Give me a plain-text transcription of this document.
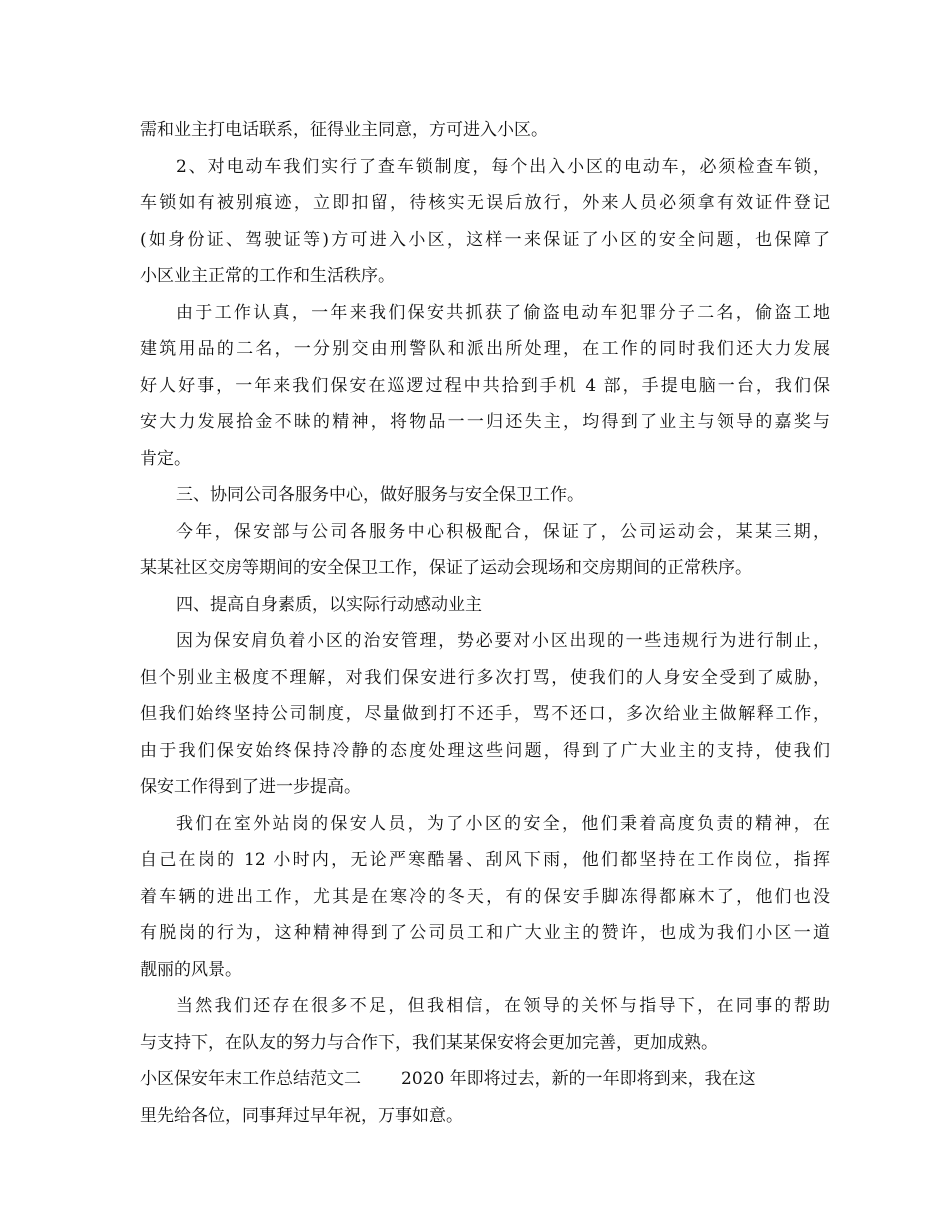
需和业主打电话联系，征得业主同意，方可进入小区。
2、对电动车我们实行了查车锁制度，每个出入小区的电动车，必须检查车锁，
车锁如有被别痕迹，立即扣留，待核实无误后放行，外来人员必须拿有效证件登记
(如身份证、驾驶证等)方可进入小区，这样一来保证了小区的安全问题，也保障了
小区业主正常的工作和生活秩序。
由于工作认真，一年来我们保安共抓获了偷盗电动车犯罪分子二名，偷盗工地
建筑用品的二名，一分别交由刑警队和派出所处理，在工作的同时我们还大力发展
好人好事，一年来我们保安在巡逻过程中共拾到手机 4 部，手提电脑一台，我们保
安大力发展拾金不昧的精神，将物品一一归还失主，均得到了业主与领导的嘉奖与
肯定。
三、协同公司各服务中心，做好服务与安全保卫工作。
今年，保安部与公司各服务中心积极配合，保证了，公司运动会，某某三期，
某某社区交房等期间的安全保卫工作，保证了运动会现场和交房期间的正常秩序。
四、提高自身素质，以实际行动感动业主
因为保安肩负着小区的治安管理，势必要对小区出现的一些违规行为进行制止，
但个别业主极度不理解，对我们保安进行多次打骂，使我们的人身安全受到了威胁，
但我们始终坚持公司制度，尽量做到打不还手，骂不还口，多次给业主做解释工作，
由于我们保安始终保持冷静的态度处理这些问题，得到了广大业主的支持，使我们
保安工作得到了进一步提高。
我们在室外站岗的保安人员，为了小区的安全，他们秉着高度负责的精神，在
自己在岗的 12 小时内，无论严寒酷暑、刮风下雨，他们都坚持在工作岗位，指挥
着车辆的进出工作，尤其是在寒冷的冬天，有的保安手脚冻得都麻木了，他们也没
有脱岗的行为，这种精神得到了公司员工和广大业主的赞许，也成为我们小区一道
靓丽的风景。
当然我们还存在很多不足，但我相信，在领导的关怀与指导下，在同事的帮助
与支持下，在队友的努力与合作下，我们某某保安将会更加完善，更加成熟。
小区保安年末工作总结范文二 2020 年即将过去，新的一年即将到来，我在这
里先给各位，同事拜过早年祝，万事如意。
